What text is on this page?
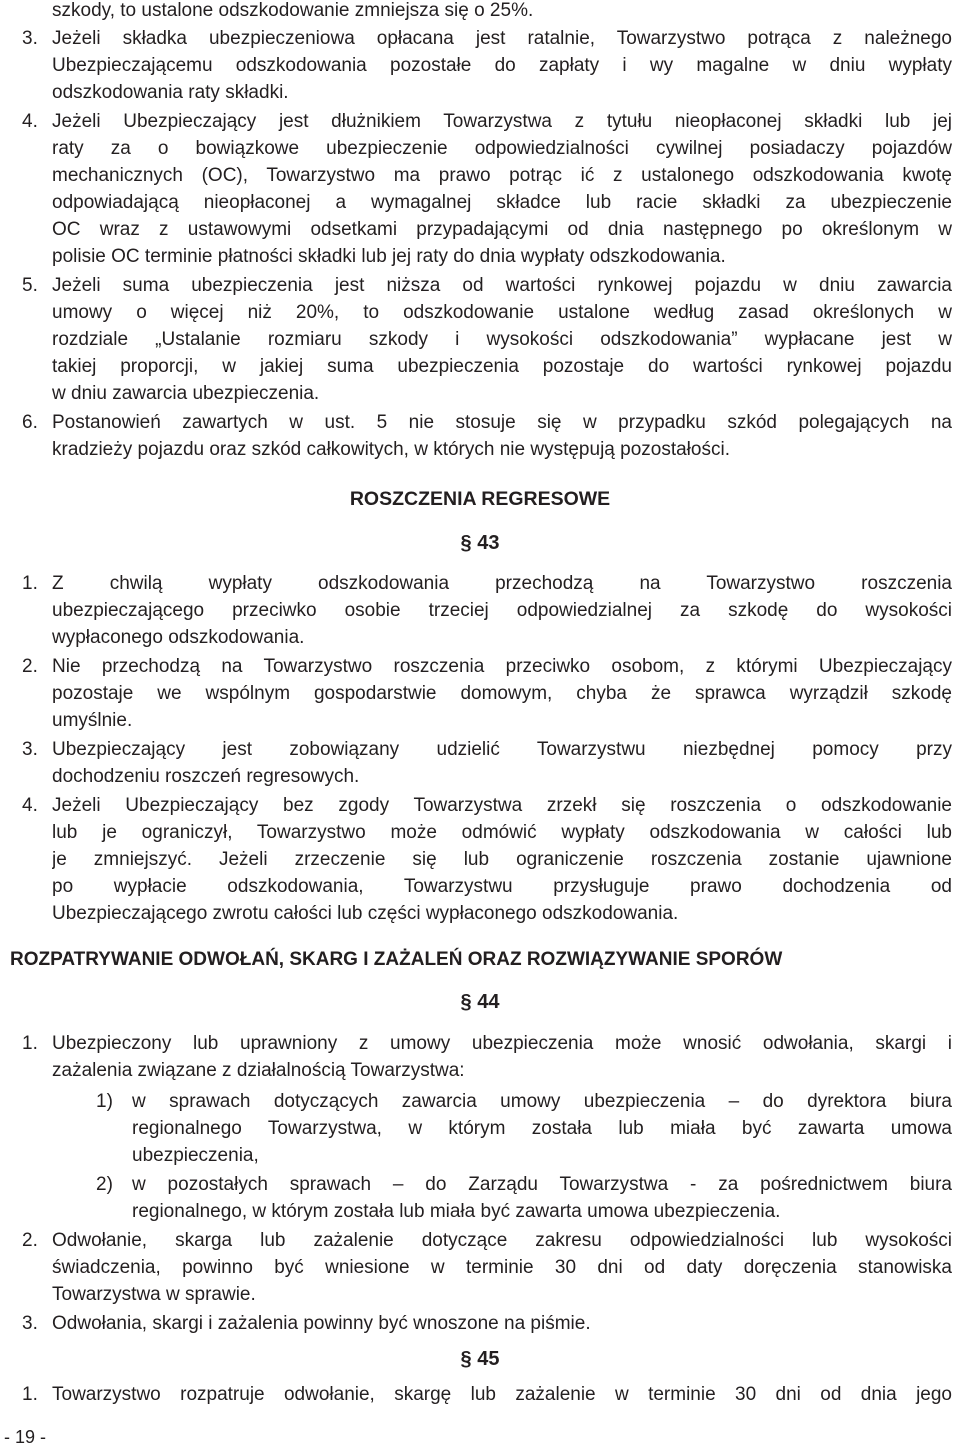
szkody, to ustalone odszkodowanie zmniejsza się o 25%.
3. Jeżeli składka ubezpieczeniowa opłacana jest ratalnie, Towarzystwo potrąca z należnego
Ubezpieczającemu odszkodowania pozostałe do zapłaty i wy magalne w dniu wypłaty
odszkodowania raty składki.
4. Jeżeli Ubezpieczający jest dłużnikiem Towarzystwa z tytułu nieopłaconej składki lub jej
raty za o bowiązkowe ubezpieczenie odpowiedzialności cywilnej posiadaczy pojazdów
mechanicznych (OC), Towarzystwo ma prawo potrąc ić z ustalonego odszkodowania kwotę
odpowiadającą nieopłaconej a wymagalnej składce lub racie składki za ubezpieczenie
OC wraz z ustawowymi odsetkami przypadającymi od dnia następnego po określonym w
polisie OC terminie płatności składki lub jej raty do dnia wypłaty odszkodowania.
5. Jeżeli suma ubezpieczenia jest niższa od wartości rynkowej pojazdu w dniu zawarcia
umowy o więcej niż 20%, to odszkodowanie ustalone według zasad określonych w
rozdziale „Ustalanie rozmiaru szkody i wysokości odszkodowania” wypłacane jest w
takiej proporcji, w jakiej suma ubezpieczenia pozostaje do wartości rynkowej pojazdu
w dniu zawarcia ubezpieczenia.
6. Postanowień zawartych w ust. 5 nie stosuje się w przypadku szkód polegających na
kradzieży pojazdu oraz szkód całkowitych, w których nie występują pozostałości.
ROSZCZENIA REGRESOWE
§ 43
1. Z chwilą wypłaty odszkodowania przechodzą na Towarzystwo roszczenia
ubezpieczającego przeciwko osobie trzeciej odpowiedzialnej za szkodę do wysokości
wypłaconego odszkodowania.
2. Nie przechodzą na Towarzystwo roszczenia przeciwko osobom, z którymi Ubezpieczający
pozostaje we wspólnym gospodarstwie domowym, chyba że sprawca wyrządził szkodę
umyślnie.
3. Ubezpieczający jest zobowiązany udzielić Towarzystwu niezbędnej pomocy przy
dochodzeniu roszczeń regresowych.
4. Jeżeli Ubezpieczający bez zgody Towarzystwa zrzekł się roszczenia o odszkodowanie
lub je ograniczył, Towarzystwo może odmówić wypłaty odszkodowania w całości lub
je zmniejszyć. Jeżeli zrzeczenie się lub ograniczenie roszczenia zostanie ujawnione
po wypłacie odszkodowania, Towarzystwu przysługuje prawo dochodzenia od
Ubezpieczającego zwrotu całości lub części wypłaconego odszkodowania.
ROZPATRYWANIE ODWOŁAŃ, SKARG I ZAŻALEŃ ORAZ ROZWIĄZYWANIE SPORÓW
§ 44
1. Ubezpieczony lub uprawniony z umowy ubezpieczenia może wnosić odwołania, skargi i
zażalenia związane z działalnością Towarzystwa:
1) w sprawach dotyczących zawarcia umowy ubezpieczenia – do dyrektora biura
regionalnego Towarzystwa, w którym została lub miała być zawarta umowa
ubezpieczenia,
2) w pozostałych sprawach – do Zarządu Towarzystwa - za pośrednictwem biura
regionalnego, w którym została lub miała być zawarta umowa ubezpieczenia.
2. Odwołanie, skarga lub zażalenie dotyczące zakresu odpowiedzialności lub wysokości
świadczenia, powinno być wniesione w terminie 30 dni od daty doręczenia stanowiska
Towarzystwa w sprawie.
3. Odwołania, skargi i zażalenia powinny być wnoszone na piśmie.
§ 45
1. Towarzystwo rozpatruje odwołanie, skargę lub zażalenie w terminie 30 dni od dnia jego
- 19 -
